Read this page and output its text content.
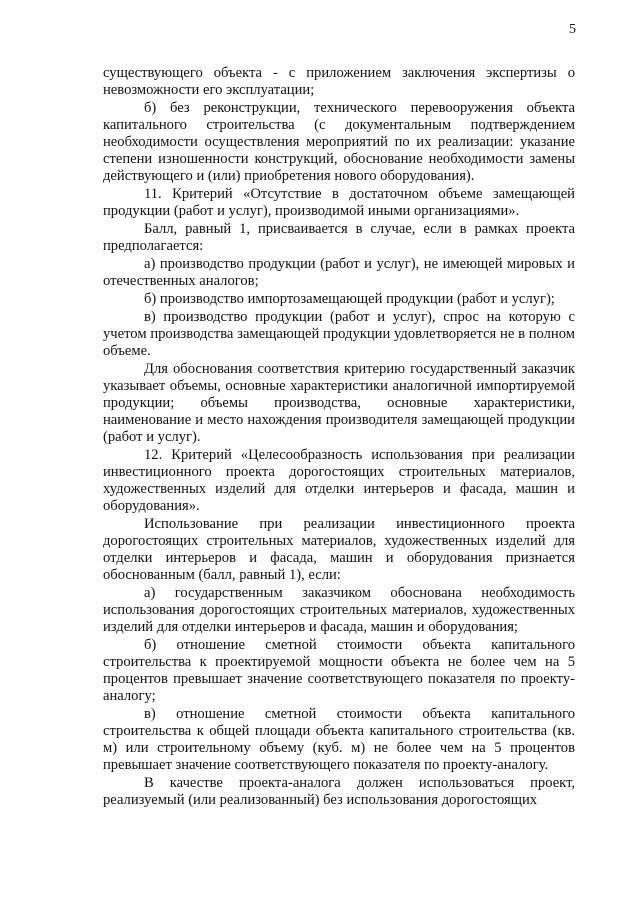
5

существующего объекта - с приложением заключения экспертизы о невозможности его эксплуатации;

б) без реконструкции, технического перевооружения объекта капитального строительства (с документальным подтверждением необходимости осуществления мероприятий по их реализации: указание степени изношенности конструкций, обоснование необходимости замены действующего и (или) приобретения нового оборудования).

11. Критерий «Отсутствие в достаточном объеме замещающей продукции (работ и услуг), производимой иными организациями».

Балл, равный 1, присваивается в случае, если в рамках проекта предполагается:

а) производство продукции (работ и услуг), не имеющей мировых и отечественных аналогов;

б) производство импортозамещающей продукции (работ и услуг);

в) производство продукции (работ и услуг), спрос на которую с учетом производства замещающей продукции удовлетворяется не в полном объеме.

Для обоснования соответствия критерию государственный заказчик указывает объемы, основные характеристики аналогичной импортируемой продукции; объемы производства, основные характеристики, наименование и место нахождения производителя замещающей продукции (работ и услуг).

12. Критерий «Целесообразность использования при реализации инвестиционного проекта дорогостоящих строительных материалов, художественных изделий для отделки интерьеров и фасада, машин и оборудования».

Использование при реализации инвестиционного проекта дорогостоящих строительных материалов, художественных изделий для отделки интерьеров и фасада, машин и оборудования признается обоснованным (балл, равный 1), если:

а) государственным заказчиком обоснована необходимость использования дорогостоящих строительных материалов, художественных изделий для отделки интерьеров и фасада, машин и оборудования;

б) отношение сметной стоимости объекта капитального строительства к проектируемой мощности объекта не более чем на 5 процентов превышает значение соответствующего показателя по проекту-аналогу;

в) отношение сметной стоимости объекта капитального строительства к общей площади объекта капитального строительства (кв. м) или строительному объему (куб. м) не более чем на 5 процентов превышает значение соответствующего показателя по проекту-аналогу.

В качестве проекта-аналога должен использоваться проект, реализуемый (или реализованный) без использования дорогостоящих
